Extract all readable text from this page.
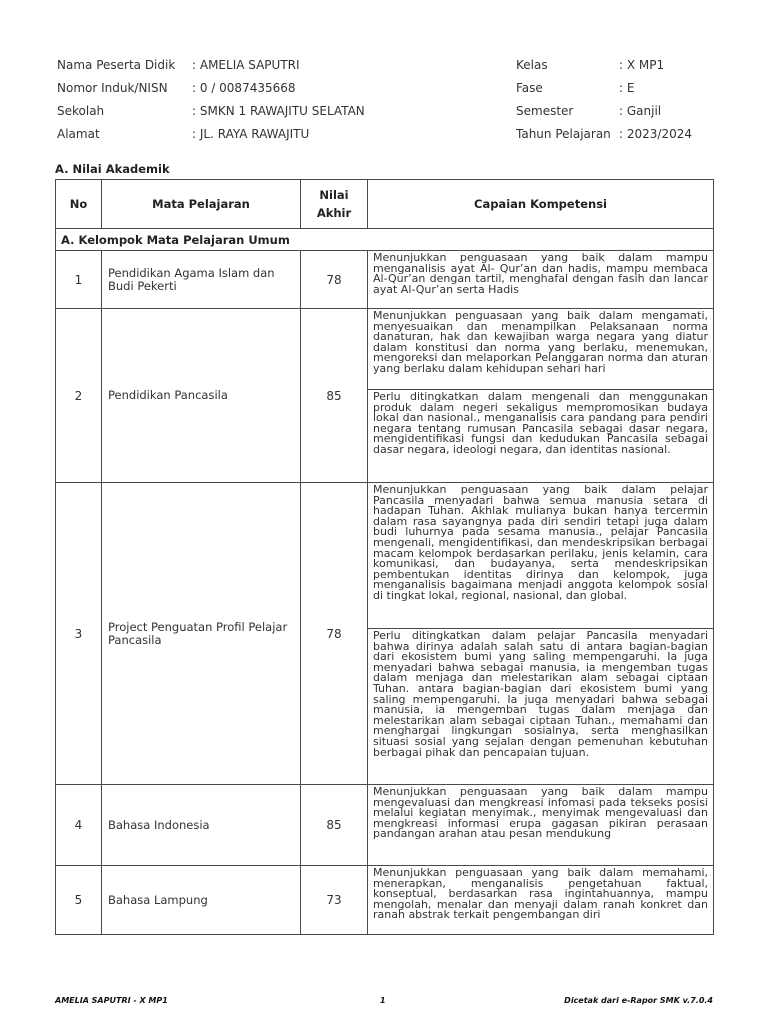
Nama Peserta Didik	: AMELIA SAPUTRI
Nomor Induk/NISN	: 0 / 0087435668
Sekolah	: SMKN 1 RAWAJITU SELATAN
Alamat	: JL. RAYA RAWAJITU
Kelas	: X MP1
Fase	: E
Semester	: Ganjil
Tahun Pelajaran : 2023/2024
A. Nilai Akademik
No	Mata Pelajaran	Nilai Akhir	Capaian Kompetensi
A. Kelompok Mata Pelajaran Umum			
1	Pendidikan Agama Islam dan Budi Pekerti	78	Menunjukkan penguasaan yang baik dalam mampu menganalisis ayat Al- Qur’an dan hadis, mampu membaca Al-Qur’an dengan tartil, menghafal dengan fasih dan lancar ayat Al-Qur’an serta Hadis
2	Pendidikan Pancasila	85	Menunjukkan penguasaan yang baik dalam mengamati, menyesuaikan dan menampilkan Pelaksanaan norma danaturan, hak dan kewajiban warga negara yang diatur dalam konstitusi dan norma yang berlaku, menemukan, mengoreksi dan melaporkan Pelanggaran norma dan aturan yang berlaku dalam kehidupan sehari hari
			Perlu ditingkatkan dalam mengenali dan menggunakan produk dalam negeri sekaligus mempromosikan budaya lokal dan nasional., menganalisis cara pandang para pendiri negara tentang rumusan Pancasila sebagai dasar negara, mengidentifikasi fungsi dan kedudukan Pancasila sebagai dasar negara, ideologi negara, dan identitas nasional.
3	Project Penguatan Profil Pelajar Pancasila	78	Menunjukkan penguasaan yang baik dalam pelajar Pancasila menyadari bahwa semua manusia setara di hadapan Tuhan. Akhlak mulianya bukan hanya tercermin dalam rasa sayangnya pada diri sendiri tetapi juga dalam budi luhurnya pada sesama manusia., pelajar Pancasila mengenali, mengidentifikasi, dan mendeskripsikan berbagai macam kelompok berdasarkan perilaku, jenis kelamin, cara komunikasi, dan budayanya, serta mendeskripsikan pembentukan identitas dirinya dan kelompok, juga menganalisis bagaimana menjadi anggota kelompok sosial di tingkat lokal, regional, nasional, dan global.
			Perlu ditingkatkan dalam pelajar Pancasila menyadari bahwa dirinya adalah salah satu di antara bagian-bagian dari ekosistem bumi yang saling mempengaruhi. Ia juga menyadari bahwa sebagai manusia, ia mengemban tugas dalam menjaga dan melestarikan alam sebagai ciptaan Tuhan. antara bagian-bagian dari ekosistem bumi yang saling mempengaruhi. Ia juga menyadari bahwa sebagai manusia, ia mengemban tugas dalam menjaga dan melestarikan alam sebagai ciptaan Tuhan., memahami dan menghargai lingkungan sosialnya, serta menghasilkan situasi sosial yang sejalan dengan pemenuhan kebutuhan berbagai pihak dan pencapaian tujuan.
4	Bahasa Indonesia	85	Menunjukkan penguasaan yang baik dalam mampu mengevaluasi dan mengkreasi infomasi pada tekseks posisi melalui kegiatan menyimak., menyimak mengevaluasi dan mengkreasi informasi erupa gagasan pikiran perasaan pandangan arahan atau pesan mendukung
5	Bahasa Lampung	73	Menunjukkan penguasaan yang baik dalam memahami, menerapkan, menganalisis pengetahuan faktual, konseptual, berdasarkan rasa ingintahuannya, mampu mengolah, menalar dan menyaji dalam ranah konkret dan ranah abstrak terkait pengembangan diri
AMELIA SAPUTRI - X MP1	1	Dicetak dari e-Rapor SMK v.7.0.4
